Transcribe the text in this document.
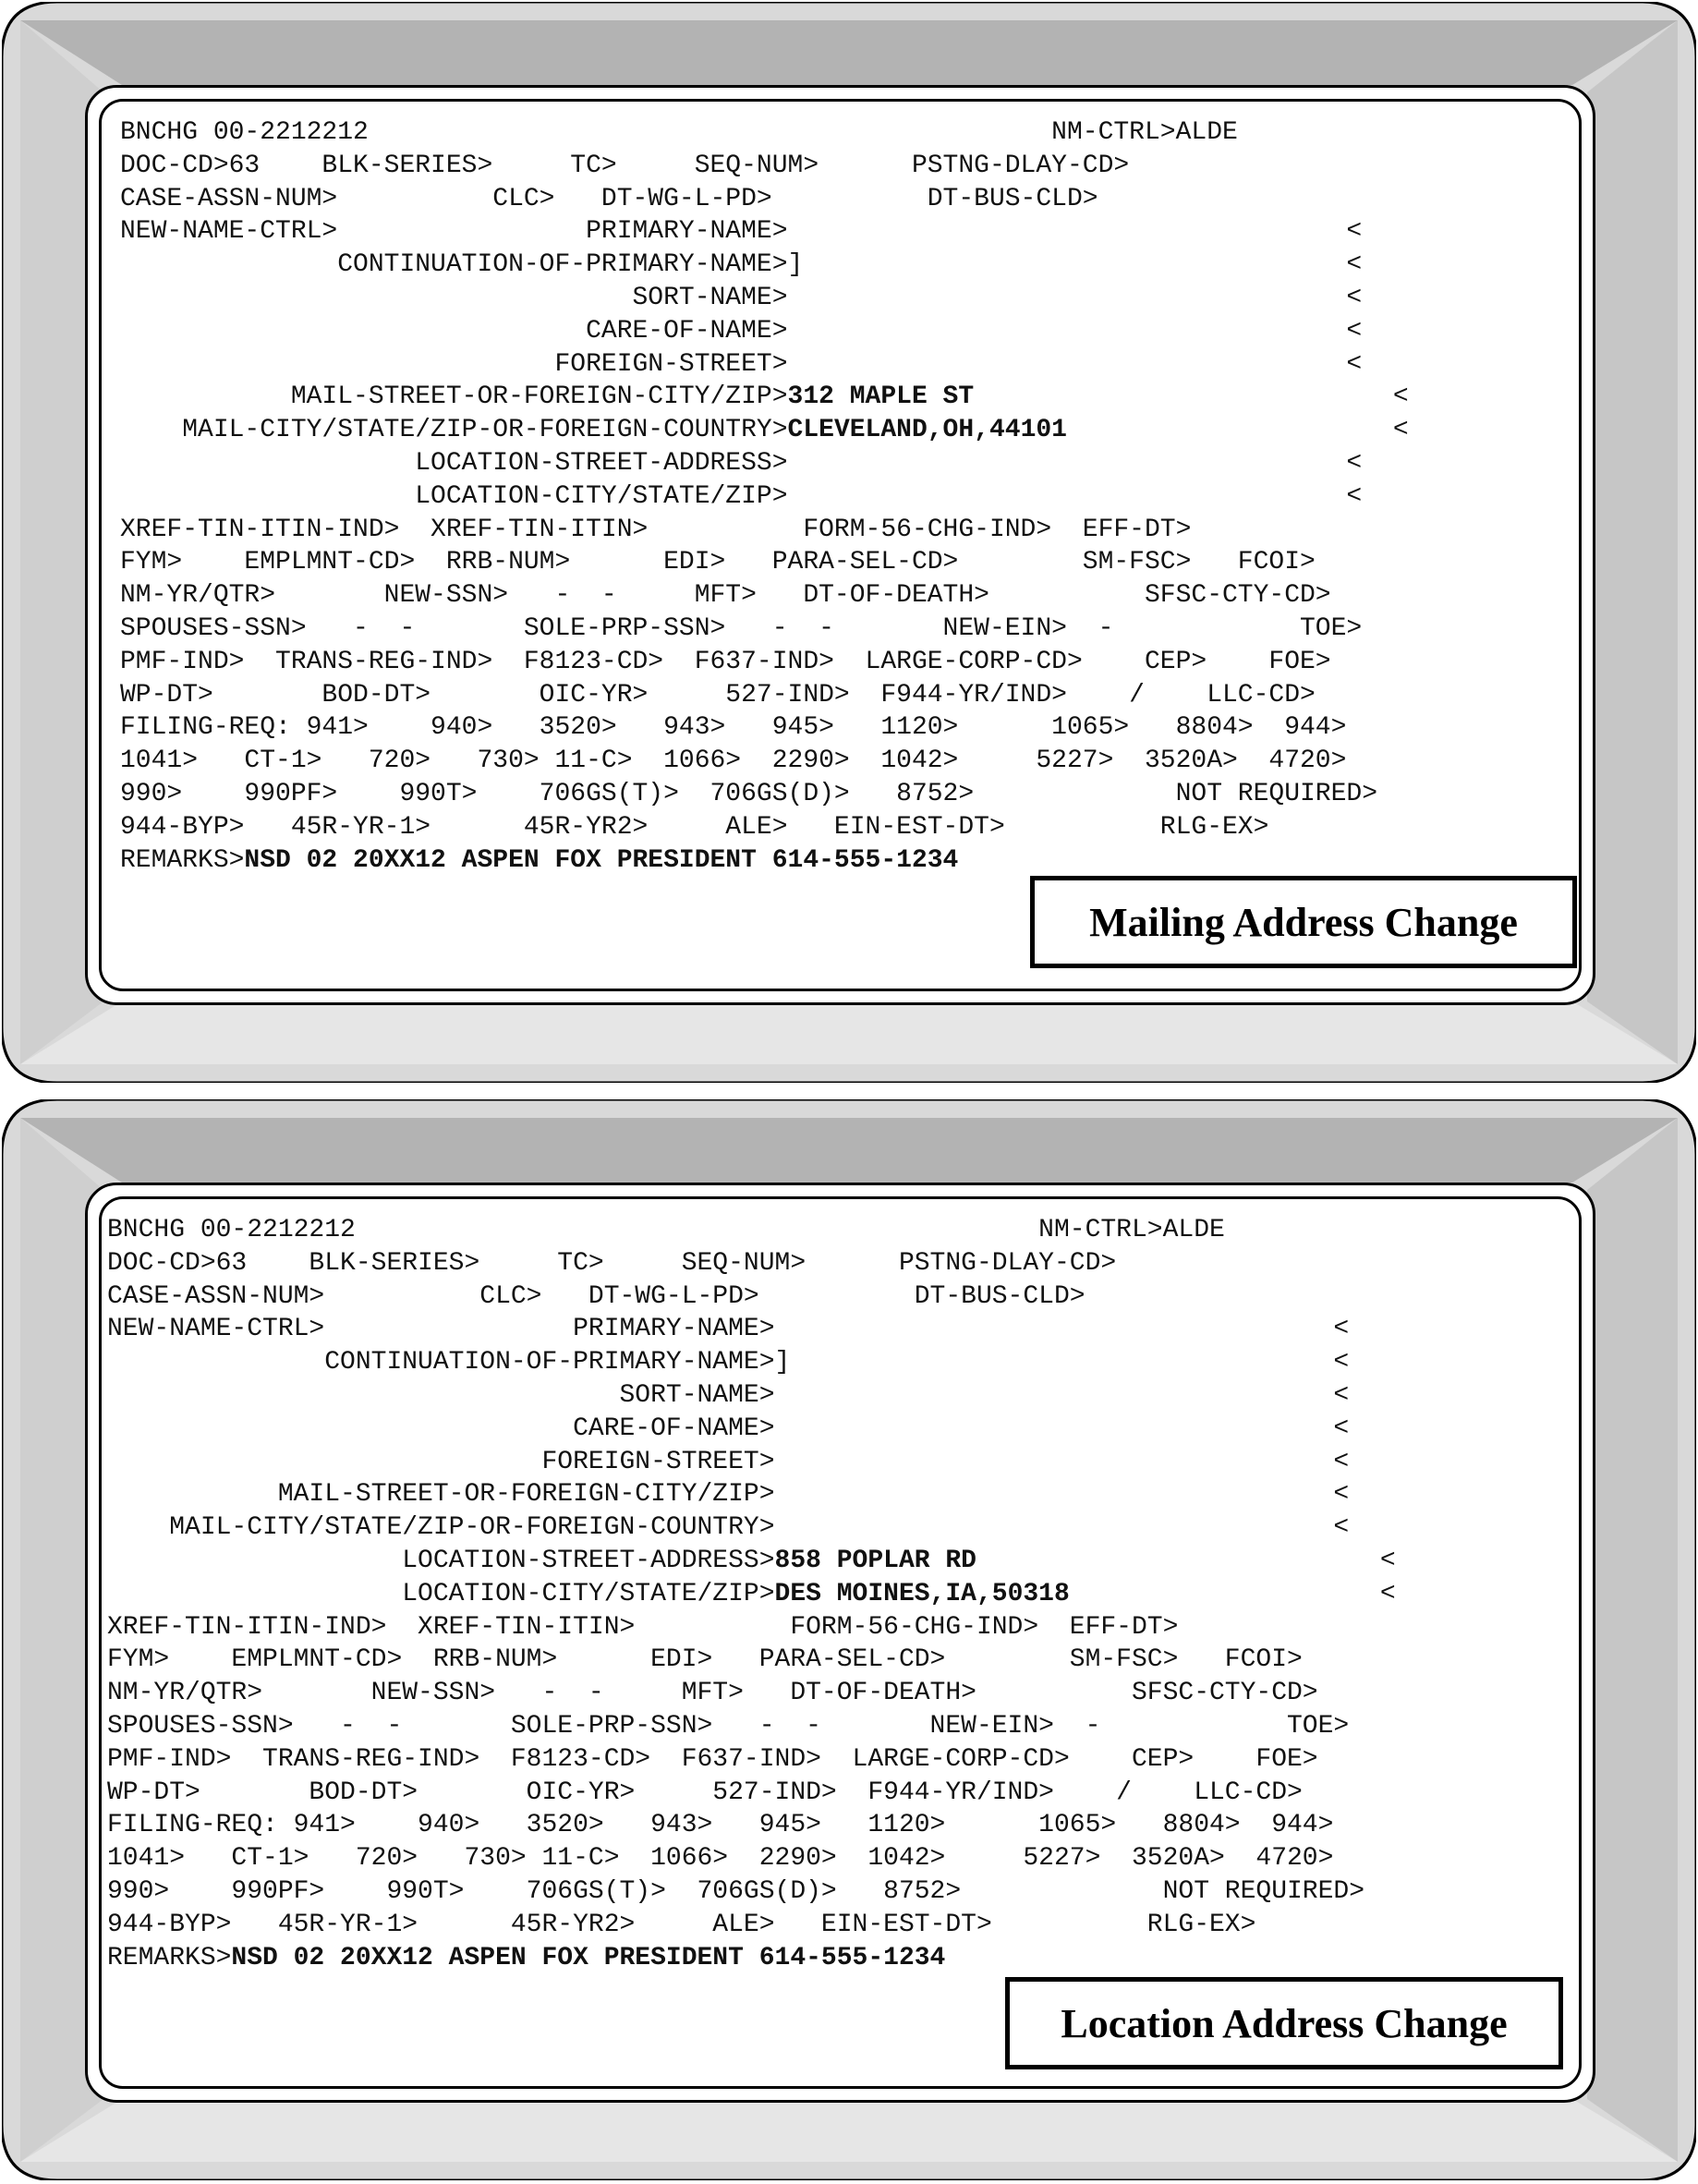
BNCHG 00-2212212                                            NM-CTRL>ALDE
DOC-CD>63    BLK-SERIES>     TC>     SEQ-NUM>      PSTNG-DLAY-CD>
CASE-ASSN-NUM>          CLC>   DT-WG-L-PD>          DT-BUS-CLD>
NEW-NAME-CTRL>                PRIMARY-NAME>                                    <
CONTINUATION-OF-PRIMARY-NAME>]                                   <
SORT-NAME>                                    <
CARE-OF-NAME>                                    <
FOREIGN-STREET>                                    <
MAIL-STREET-OR-FOREIGN-CITY/ZIP>312 MAPLE ST                           <
MAIL-CITY/STATE/ZIP-OR-FOREIGN-COUNTRY>CLEVELAND,OH,44101                     <
LOCATION-STREET-ADDRESS>                                    <
LOCATION-CITY/STATE/ZIP>                                    <
XREF-TIN-ITIN-IND>  XREF-TIN-ITIN>          FORM-56-CHG-IND>  EFF-DT>
FYM>    EMPLMNT-CD>  RRB-NUM>      EDI>   PARA-SEL-CD>        SM-FSC>   FCOI>
NM-YR/QTR>       NEW-SSN>   -  -     MFT>   DT-OF-DEATH>          SFSC-CTY-CD>
SPOUSES-SSN>   -  -       SOLE-PRP-SSN>   -  -       NEW-EIN>  -            TOE>
PMF-IND>  TRANS-REG-IND>  F8123-CD>  F637-IND>  LARGE-CORP-CD>    CEP>    FOE>
WP-DT>       BOD-DT>       OIC-YR>     527-IND>  F944-YR/IND>    /    LLC-CD>
FILING-REQ: 941>    940>   3520>   943>   945>   1120>      1065>   8804>  944>
1041>   CT-1>   720>   730> 11-C>  1066>  2290>  1042>     5227>  3520A>  4720>
990>    990PF>    990T>    706GS(T)>  706GS(D)>   8752>             NOT REQUIRED>
944-BYP>   45R-YR-1>      45R-YR2>     ALE>   EIN-EST-DT>          RLG-EX>
REMARKS>NSD 02 20XX12 ASPEN FOX PRESIDENT 614-555-1234
Mailing Address Change
BNCHG 00-2212212                                            NM-CTRL>ALDE
DOC-CD>63    BLK-SERIES>     TC>     SEQ-NUM>      PSTNG-DLAY-CD>
CASE-ASSN-NUM>          CLC>   DT-WG-L-PD>          DT-BUS-CLD>
NEW-NAME-CTRL>                PRIMARY-NAME>                                    <
CONTINUATION-OF-PRIMARY-NAME>]                                   <
SORT-NAME>                                    <
CARE-OF-NAME>                                    <
FOREIGN-STREET>                                    <
MAIL-STREET-OR-FOREIGN-CITY/ZIP>                                    <
MAIL-CITY/STATE/ZIP-OR-FOREIGN-COUNTRY>                                    <
LOCATION-STREET-ADDRESS>858 POPLAR RD                          <
LOCATION-CITY/STATE/ZIP>DES MOINES,IA,50318                    <
XREF-TIN-ITIN-IND>  XREF-TIN-ITIN>          FORM-56-CHG-IND>  EFF-DT>
FYM>    EMPLMNT-CD>  RRB-NUM>      EDI>   PARA-SEL-CD>        SM-FSC>   FCOI>
NM-YR/QTR>       NEW-SSN>   -  -     MFT>   DT-OF-DEATH>          SFSC-CTY-CD>
SPOUSES-SSN>   -  -       SOLE-PRP-SSN>   -  -       NEW-EIN>  -            TOE>
PMF-IND>  TRANS-REG-IND>  F8123-CD>  F637-IND>  LARGE-CORP-CD>    CEP>    FOE>
WP-DT>       BOD-DT>       OIC-YR>     527-IND>  F944-YR/IND>    /    LLC-CD>
FILING-REQ: 941>    940>   3520>   943>   945>   1120>      1065>   8804>  944>
1041>   CT-1>   720>   730> 11-C>  1066>  2290>  1042>     5227>  3520A>  4720>
990>    990PF>    990T>    706GS(T)>  706GS(D)>   8752>             NOT REQUIRED>
944-BYP>   45R-YR-1>      45R-YR2>     ALE>   EIN-EST-DT>          RLG-EX>
REMARKS>NSD 02 20XX12 ASPEN FOX PRESIDENT 614-555-1234
Location Address Change
